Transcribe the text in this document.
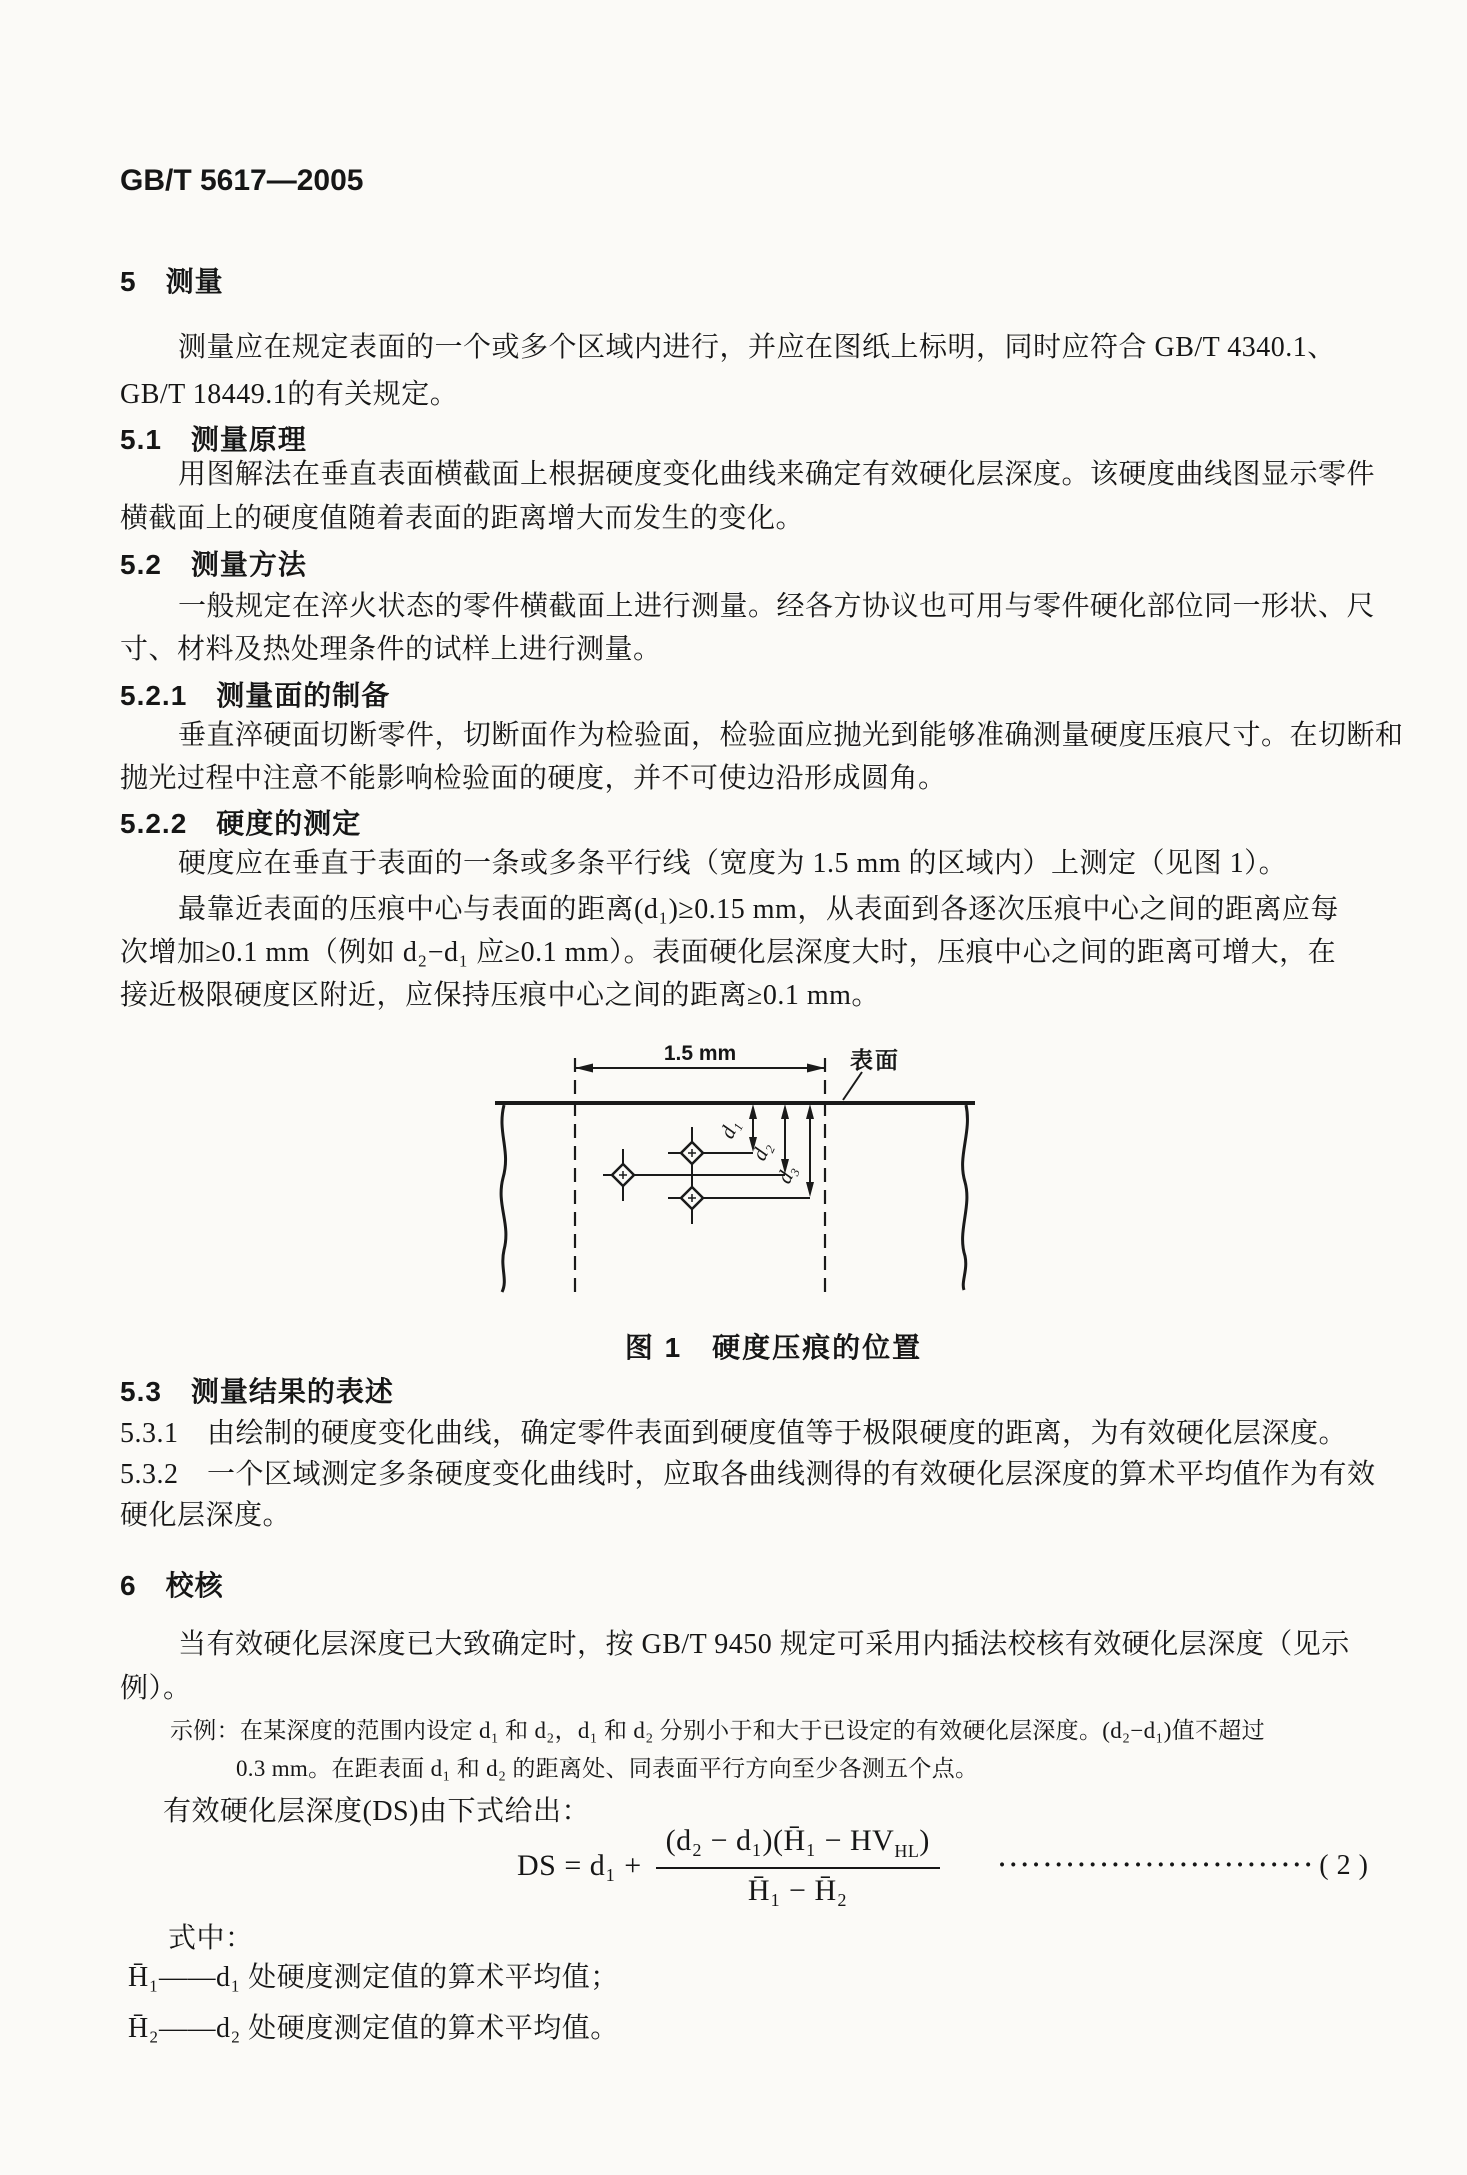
GB/T 5617—2005
5　测量
测量应在规定表面的一个或多个区域内进行，并应在图纸上标明，同时应符合 GB/T 4340.1、
GB/T 18449.1的有关规定。
5.1　测量原理
用图解法在垂直表面横截面上根据硬度变化曲线来确定有效硬化层深度。该硬度曲线图显示零件
横截面上的硬度值随着表面的距离增大而发生的变化。
5.2　测量方法
一般规定在淬火状态的零件横截面上进行测量。经各方协议也可用与零件硬化部位同一形状、尺
寸、材料及热处理条件的试样上进行测量。
5.2.1　测量面的制备
垂直淬硬面切断零件，切断面作为检验面，检验面应抛光到能够准确测量硬度压痕尺寸。在切断和
抛光过程中注意不能影响检验面的硬度，并不可使边沿形成圆角。
5.2.2　硬度的测定
硬度应在垂直于表面的一条或多条平行线（宽度为 1.5 mm 的区域内）上测定（见图 1）。
最靠近表面的压痕中心与表面的距离(d₁)≥0.15 mm，从表面到各逐次压痕中心之间的距离应每
次增加≥0.1 mm（例如 d₂−d₁ 应≥0.1 mm）。表面硬化层深度大时，压痕中心之间的距离可增大，在
接近极限硬度区附近，应保持压痕中心之间的距离≥0.1 mm。
1.5 mm	表面
d₁
d₂
d₃
图 1　硬度压痕的位置
5.3　测量结果的表述
5.3.1　由绘制的硬度变化曲线，确定零件表面到硬度值等于极限硬度的距离，为有效硬化层深度。
5.3.2　一个区域测定多条硬度变化曲线时，应取各曲线测得的有效硬化层深度的算术平均值作为有效
硬化层深度。
6　校核
当有效硬化层深度已大致确定时，按 GB/T 9450 规定可采用内插法校核有效硬化层深度（见示
例）。
示例：在某深度的范围内设定 d₁ 和 d₂，d₁ 和 d₂ 分别小于和大于已设定的有效硬化层深度。(d₂−d₁)值不超过
0.3 mm。在距表面 d₁ 和 d₂ 的距离处、同表面平行方向至少各测五个点。
有效硬化层深度(DS)由下式给出：
DS = $d_1 + \frac{(d_2 - d_1)(H̄_1 - HV_{HL})}{\text{H̄₁ − H̄₂}}$ ···························· ( 2 )
式中：
H̄₁——d₁ 处硬度测定值的算术平均值；
H̄₂——d₂ 处硬度测定值的算术平均值。
